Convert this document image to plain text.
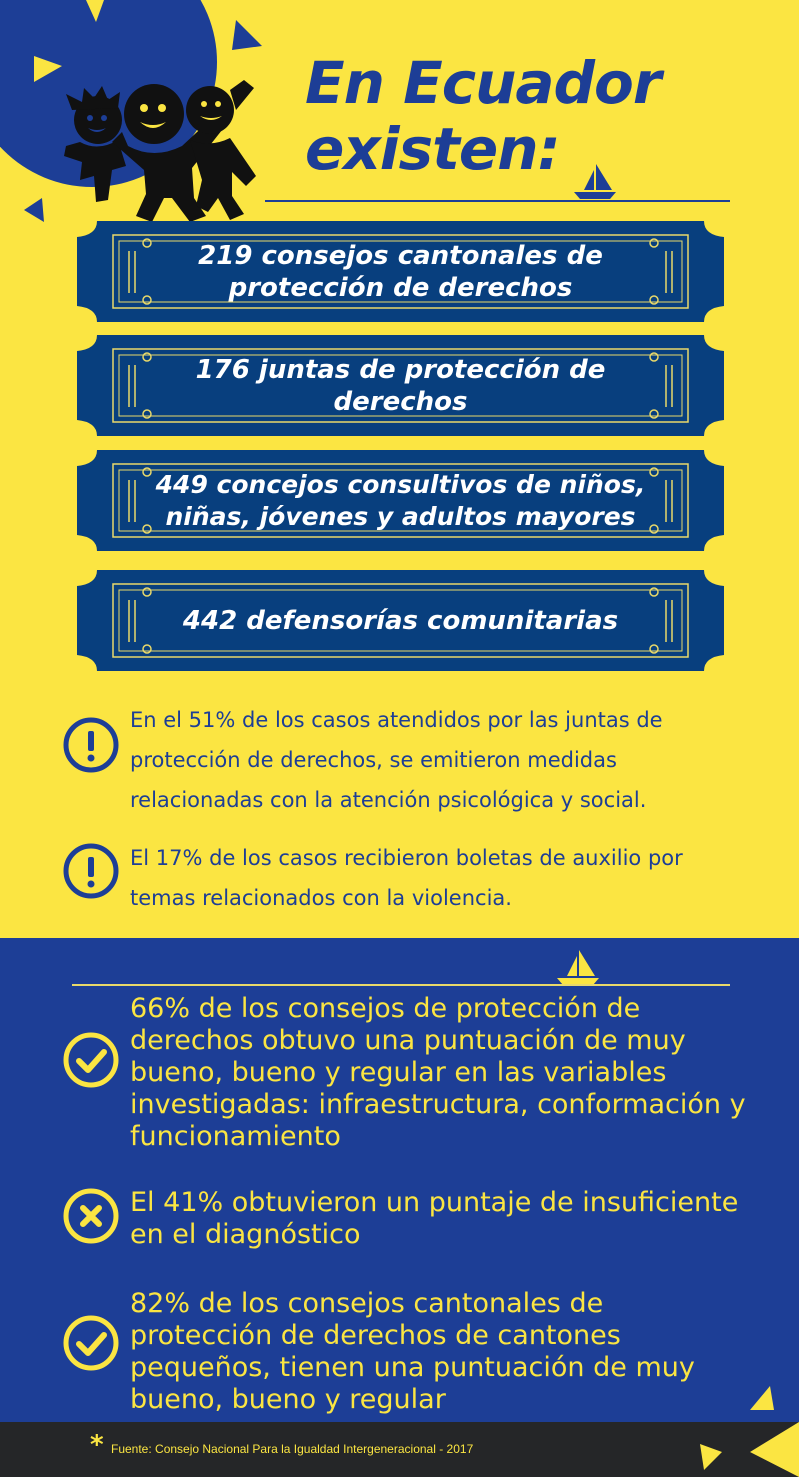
En Ecuador
existen:
219 consejos cantonales de protección de derechos
176 juntas de protección de derechos
449 concejos consultivos de niños, niñas, jóvenes y adultos mayores
442 defensorías comunitarias
En el 51% de los casos atendidos por las juntas de protección de derechos, se emitieron medidas relacionadas con la atención psicológica y social.
El 17% de los casos recibieron boletas de auxilio por temas relacionados con la violencia.
66% de los consejos de protección de derechos obtuvo una puntuación de muy bueno, bueno y regular en las variables investigadas: infraestructura, conformación y funcionamiento
El 41% obtuvieron un puntaje de insuficiente en el diagnóstico
82% de los consejos cantonales de protección de derechos de cantones pequeños, tienen una puntuación de muy bueno, bueno y regular
* Fuente: Consejo Nacional Para la Igualdad Intergeneracional - 2017
